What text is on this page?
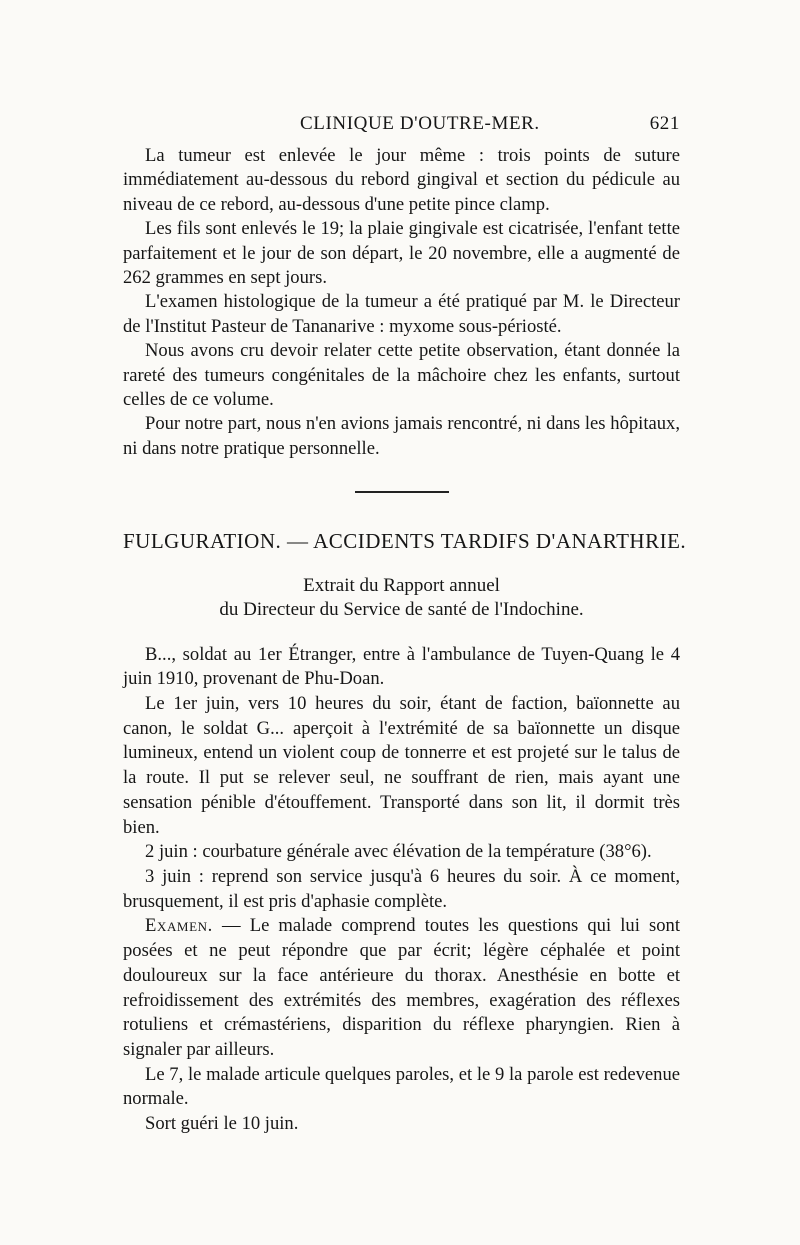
CLINIQUE D'OUTRE-MER.	621

La tumeur est enlevée le jour même : trois points de suture immédiatement au-dessous du rebord gingival et section du pédicule au niveau de ce rebord, au-dessous d'une petite pince clamp.

Les fils sont enlevés le 19; la plaie gingivale est cicatrisée, l'enfant tette parfaitement et le jour de son départ, le 20 novembre, elle a augmenté de 262 grammes en sept jours.

L'examen histologique de la tumeur a été pratiqué par M. le Directeur de l'Institut Pasteur de Tananarive : myxome sous-périosté.

Nous avons cru devoir relater cette petite observation, étant donnée la rareté des tumeurs congénitales de la mâchoire chez les enfants, surtout celles de ce volume.

Pour notre part, nous n'en avions jamais rencontré, ni dans les hôpitaux, ni dans notre pratique personnelle.

FULGURATION. — ACCIDENTS TARDIFS D'ANARTHRIE.
Extrait du Rapport annuel
du Directeur du Service de santé de l'Indochine.

B..., soldat au 1er Étranger, entre à l'ambulance de Tuyen-Quang le 4 juin 1910, provenant de Phu-Doan.

Le 1er juin, vers 10 heures du soir, étant de faction, baïonnette au canon, le soldat G... aperçoit à l'extrémité de sa baïonnette un disque lumineux, entend un violent coup de tonnerre et est projeté sur le talus de la route. Il put se relever seul, ne souffrant de rien, mais ayant une sensation pénible d'étouffement. Transporté dans son lit, il dormit très bien.

2 juin : courbature générale avec élévation de la température (38°6).

3 juin : reprend son service jusqu'à 6 heures du soir. À ce moment, brusquement, il est pris d'aphasie complète.

Examen. — Le malade comprend toutes les questions qui lui sont posées et ne peut répondre que par écrit; légère céphalée et point douloureux sur la face antérieure du thorax. Anesthésie en botte et refroidissement des extrémités des membres, exagération des réflexes rotuliens et crémastériens, disparition du réflexe pharyngien. Rien à signaler par ailleurs.

Le 7, le malade articule quelques paroles, et le 9 la parole est redevenue normale.

Sort guéri le 10 juin.
